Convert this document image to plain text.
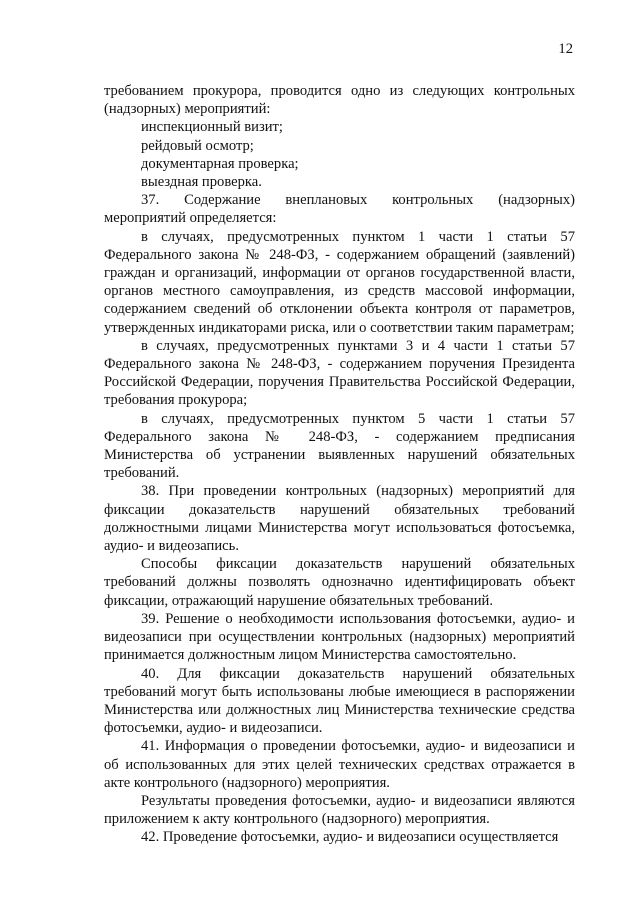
12

требованием прокурора, проводится одно из следующих контрольных (надзорных) мероприятий:

инспекционный визит;

рейдовый осмотр;

документарная проверка;

выездная проверка.

37. Содержание внеплановых контрольных (надзорных) мероприятий определяется:

в случаях, предусмотренных пунктом 1 части 1 статьи 57 Федерального закона № 248-ФЗ, - содержанием обращений (заявлений) граждан и организаций, информации от органов государственной власти, органов местного самоуправления, из средств массовой информации, содержанием сведений об отклонении объекта контроля от параметров, утвержденных индикаторами риска, или о соответствии таким параметрам;

в случаях, предусмотренных пунктами 3 и 4 части 1 статьи 57 Федерального закона № 248-ФЗ, - содержанием поручения Президента Российской Федерации, поручения Правительства Российской Федерации, требования прокурора;

в случаях, предусмотренных пунктом 5 части 1 статьи 57 Федерального закона № 248-ФЗ, - содержанием предписания Министерства об устранении выявленных нарушений обязательных требований.

38. При проведении контрольных (надзорных) мероприятий для фиксации доказательств нарушений обязательных требований должностными лицами Министерства могут использоваться фотосъемка, аудио- и видеозапись.

Способы фиксации доказательств нарушений обязательных требований должны позволять однозначно идентифицировать объект фиксации, отражающий нарушение обязательных требований.

39. Решение о необходимости использования фотосъемки, аудио- и видеозаписи при осуществлении контрольных (надзорных) мероприятий принимается должностным лицом Министерства самостоятельно.

40. Для фиксации доказательств нарушений обязательных требований могут быть использованы любые имеющиеся в распоряжении Министерства или должностных лиц Министерства технические средства фотосъемки, аудио- и видеозаписи.

41. Информация о проведении фотосъемки, аудио- и видеозаписи и об использованных для этих целей технических средствах отражается в акте контрольного (надзорного) мероприятия.

Результаты проведения фотосъемки, аудио- и видеозаписи являются приложением к акту контрольного (надзорного) мероприятия.

42. Проведение фотосъемки, аудио- и видеозаписи осуществляется
